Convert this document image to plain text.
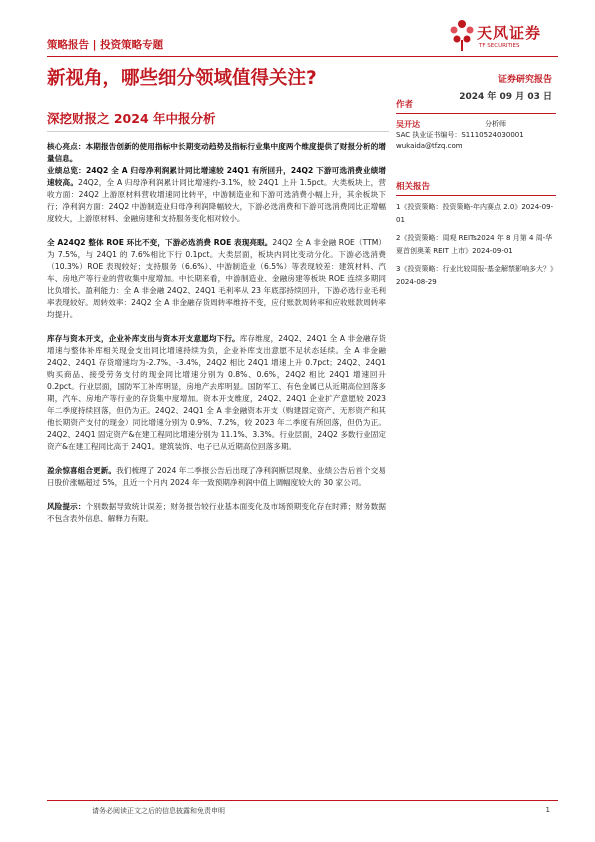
策略报告 | 投资策略专题
天风证券
TF SECURITIES
新视角，哪些细分领域值得关注?
深挖财报之 2024 年中报分析
证券研究报告
2024 年 09 月 03 日

核心亮点：本期报告创新的使用指标中长期变动趋势及指标行业集中度两个维度提供了财报分析的增量信息。

业绩总览：24Q2 全 A 归母净利润累计同比增速较 24Q1 有所回升，24Q2 下游可选消费业绩增速较高。24Q2，全 A 归母净利润累计同比增速约-3.1%，较 24Q1 上升 1.5pct。大类板块上，营收方面：24Q2 上游原材料营收增速同比转平，中游制造业和下游可选消费小幅上升，其余板块下行；净利润方面：24Q2 中游制造业归母净利润降幅较大，下游必选消费和下游可选消费同比正增幅度较大，上游原材料、金融房建和支持服务变化相对较小。

全 A24Q2 整体 ROE 环比不变，下游必选消费 ROE 表现亮眼。24Q2 全 A 非金融 ROE（TTM）为 7.5%，与 24Q1 的 7.6%相比下行 0.1pct。大类层面，板块内同比变动分化。下游必选消费（10.3%）ROE 表现较好；支持服务（6.6%）、中游制造业（6.5%）等表现较差：建筑材料、汽车、房地产等行业的营收集中度增加。中长期来看，中游制造业、金融房建等板块 ROE 连续多期同比负增长。盈利能力：全 A 非金融 24Q2、24Q1 毛利率从 23 年底部持续回升，下游必选行业毛利率表现较好。周转效率：24Q2 全 A 非金融存货周转率维持不变，应付账款周转率和应收账款周转率均提升。

库存与资本开支，企业补库支出与资本开支意愿均下行。库存维度，24Q2、24Q1 全 A 非金融存货增速与整体补库相关现金支出同比增速持续为负，企业补库支出意愿不足状态延续。全 A 非金融 24Q2、24Q1 存货增速均为-2.7%、-3.4%，24Q2 相比 24Q1 增速上升 0.7pct；24Q2、24Q1 购买商品、接受劳务支付的现金同比增速分别为 0.8%、0.6%，24Q2 相比 24Q1 增速回升 0.2pct。行业层面，国防军工补库明显，房地产去库明显。国防军工、有色金属已从近期高位回落多期，汽车、房地产等行业的存货集中度增加。资本开支维度，24Q2、24Q1 企业扩产意愿较 2023 年二季度持续回落，但仍为正。24Q2、24Q1 全 A 非金融资本开支（购建固定资产、无形资产和其他长期资产支付的现金）同比增速分别为 0.9%、7.2%，较 2023 年二季度有所回落，但仍为正。24Q2、24Q1 固定资产&在建工程同比增速分别为 11.1%、3.3%。行业层面，24Q2 多数行业固定资产&在建工程同比高于 24Q1。建筑装饰、电子已从近期高位回落多期。

盈余惊喜组合更新。我们梳理了 2024 年二季报公告后出现了净利润断层现象、业绩公告后首个交易日股价涨幅超过 5%，且近一个月内 2024 年一致预期净利润中值上调幅度较大的 30 家公司。

风险提示：个别数据导致统计误差；财务报告较行业基本面变化及市场预期变化存在时滞；财务数据不包含表外信息、解释力有限。

作者
吴开达	分析师
SAC 执业证书编号：S1110524030001
wukaida@tfzq.com
相关报告
1《投资策略：投资策略-年内赛点 2.0》2024-09-01
2《投资策略：周观 REITs2024 年 8 月第 4 周-华夏首创奥莱 REIT 上市》2024-09-01
3《投资策略：行业比较周报-基金解禁影响多大？》2024-08-29
请务必阅读正文之后的信息披露和免责申明	1
